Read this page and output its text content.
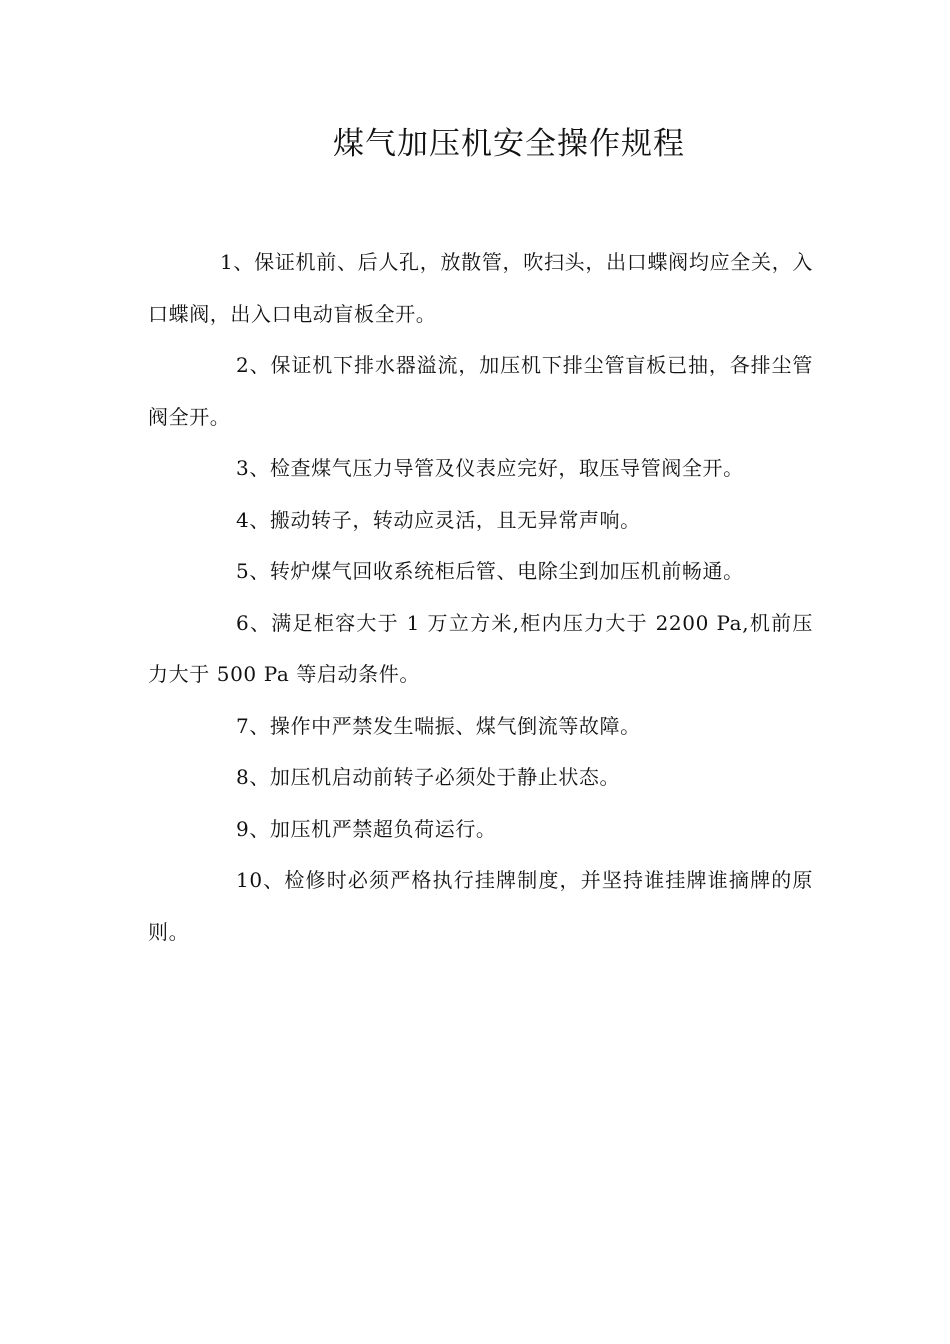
煤气加压机安全操作规程

1、保证机前、后人孔，放散管，吹扫头，出口蝶阀均应全关，入口蝶阀，出入口电动盲板全开。

2、保证机下排水器溢流，加压机下排尘管盲板已抽，各排尘管阀全开。

3、检查煤气压力导管及仪表应完好，取压导管阀全开。

4、搬动转子，转动应灵活，且无异常声响。

5、转炉煤气回收系统柜后管、电除尘到加压机前畅通。

6、满足柜容大于 1 万立方米,柜内压力大于 2200 Pa,机前压力大于 500 Pa 等启动条件。

7、操作中严禁发生喘振、煤气倒流等故障。

8、加压机启动前转子必须处于静止状态。

9、加压机严禁超负荷运行。

10、检修时必须严格执行挂牌制度，并坚持谁挂牌谁摘牌的原则。
